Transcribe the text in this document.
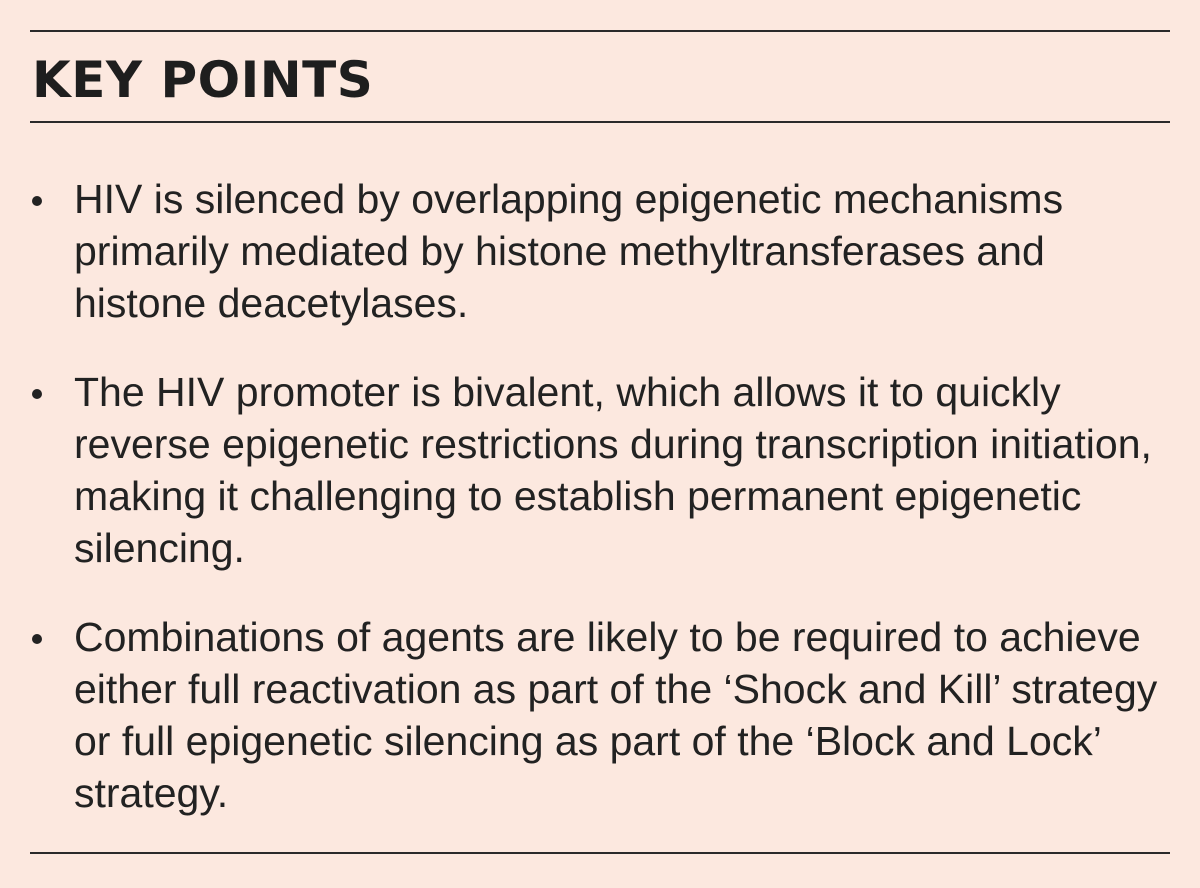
KEY POINTS
HIV is silenced by overlapping epigenetic mechanisms primarily mediated by histone methyltransferases and histone deacetylases.
The HIV promoter is bivalent, which allows it to quickly reverse epigenetic restrictions during transcription initiation, making it challenging to establish permanent epigenetic silencing.
Combinations of agents are likely to be required to achieve either full reactivation as part of the ‘Shock and Kill’ strategy or full epigenetic silencing as part of the ‘Block and Lock’ strategy.
